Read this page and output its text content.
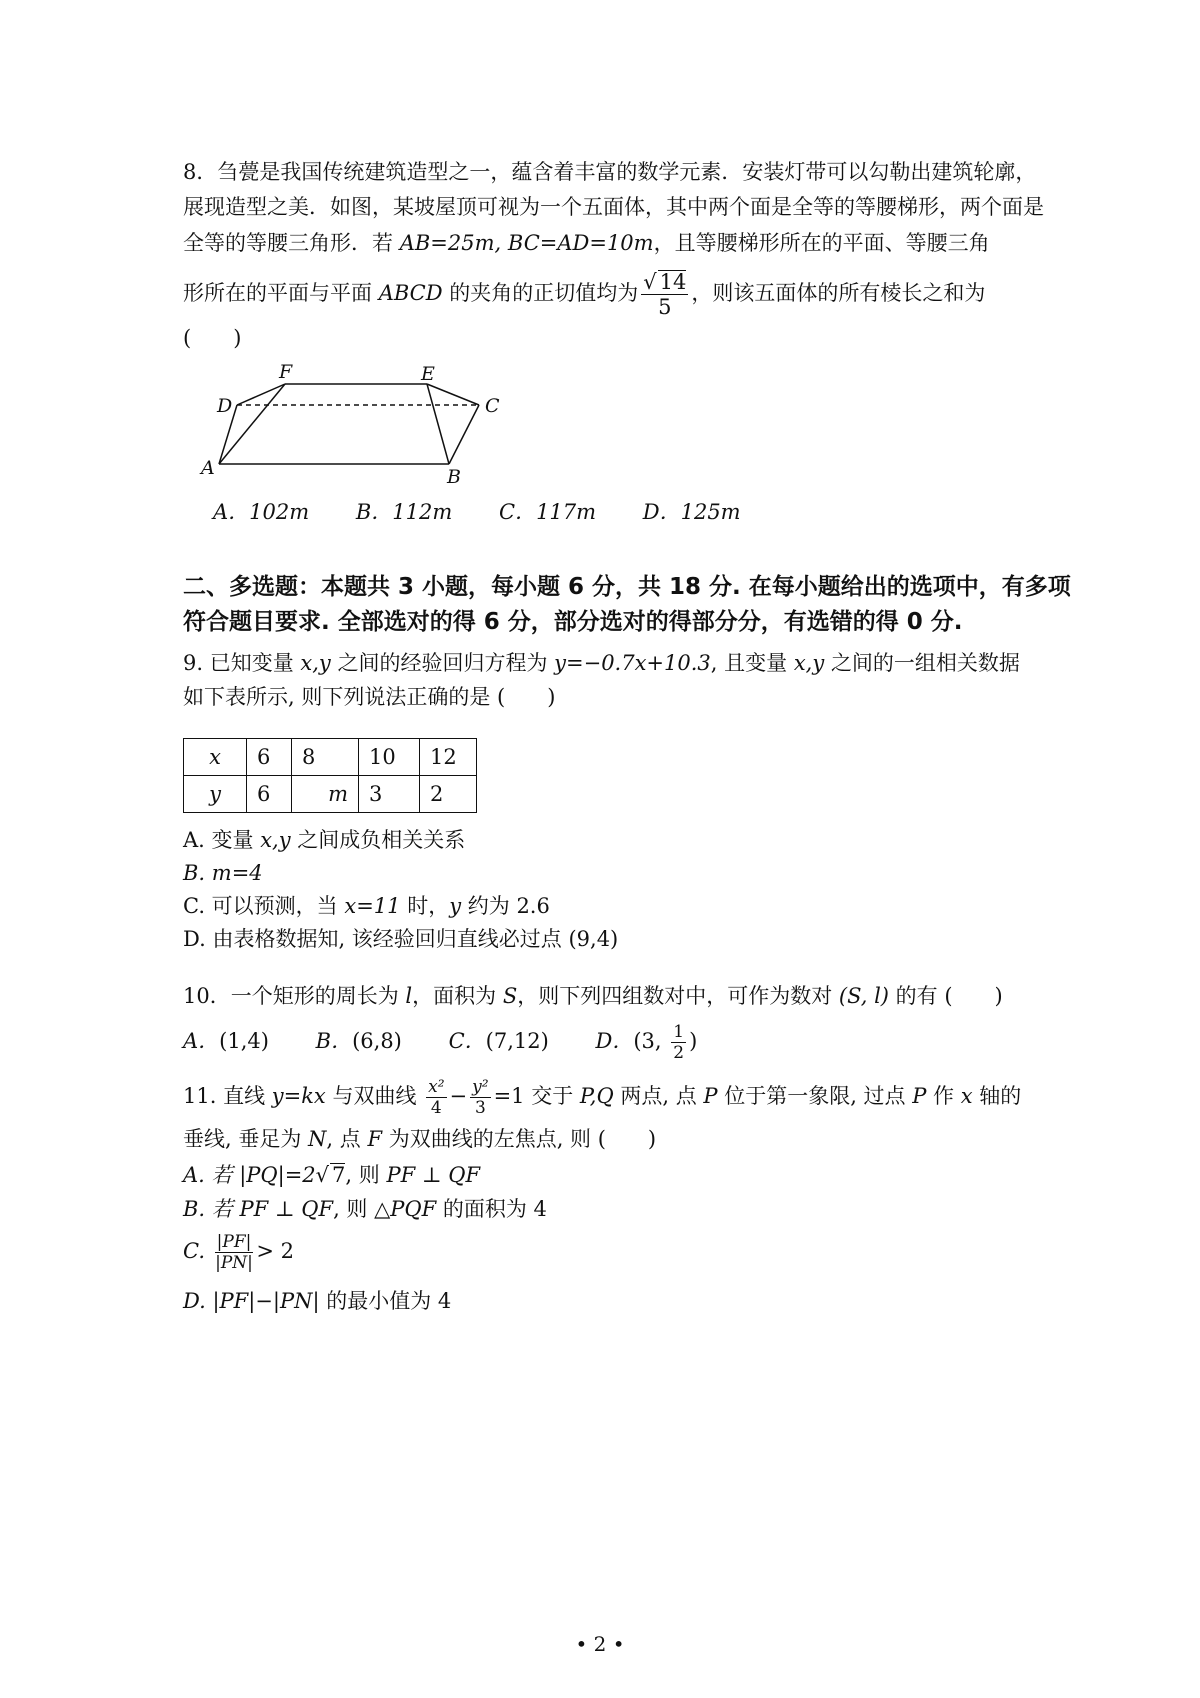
8．刍甍是我国传统建筑造型之一，蕴含着丰富的数学元素．安装灯带可以勾勒出建筑轮廓，
展现造型之美．如图，某坡屋顶可视为一个五面体，其中两个面是全等的等腰梯形，两个面是
全等的等腰三角形．若 AB=25m, BC=AD=10m，且等腰梯形所在的平面、等腰三角
形所在的平面与平面 ABCD 的夹角的正切值均为 $\frac{√ 14}{5}$ ，则该五面体的所有棱长之和为
(　　)
F	E
D	C
A	B
A．102m B．112m C．117m D．125m
二、多选题：本题共 3 小题，每小题 6 分，共 18 分. 在每小题给出的选项中，有多项
符合题目要求. 全部选对的得 6 分，部分选对的得部分分，有选错的得 0 分.
9. 已知变量 x,y 之间的经验回归方程为 y=−0.7x+10.3, 且变量 x,y 之间的一组相关数据
如下表所示, 则下列说法正确的是 (　　)
x	6	8	10	12
y	6	m	3	2
A. 变量 x,y 之间成负相关关系
B. m=4
C. 可以预测，当 x=11 时，y 约为 2.6
D. 由表格数据知, 该经验回归直线必过点 (9,4)
10．一个矩形的周长为 l，面积为 S，则下列四组数对中，可作为数对 (S, l) 的有 (　　)
A．(1,4) B．(6,8) C．(7,12) D．(3, $\frac{1}{2}$ )
11. 直线 y=kx 与双曲线 $\frac{\text{x²}}{4} - \frac{\text{y²}}{3} =1$ 交于 P,Q 两点, 点 P 位于第一象限, 过点 P 作 x 轴的
垂线, 垂足为 N, 点 F 为双曲线的左焦点, 则 (　　)
A. 若 |PQ|=2√ 7, 则 PF ⊥ QF
B. 若 PF ⊥ QF, 则 △PQF 的面积为 4
C. $\frac{|PF|}{|PN|} > 2$
D. |PF|−|PN| 的最小值为 4
• 2 •
